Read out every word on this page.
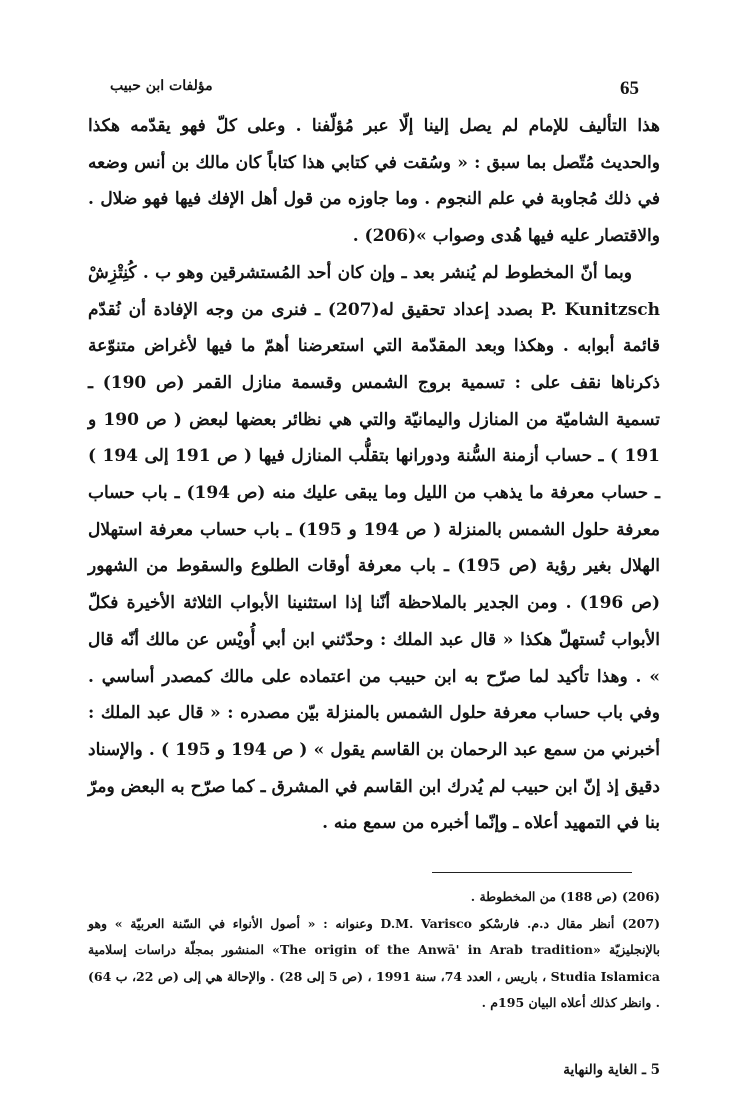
65
مؤلفات ابن حبيب

هذا التأليف للإمام لم يصل إلينا إلّا عبر مُؤلّفنا . وعلى كلّ فهو يقدّمه هكذا والحديث مُتّصل بما سبق : « وسُقت في كتابي هذا كتاباً كان مالك بن أنس وضعه في ذلك مُجاوبة في علم النجوم . وما جاوزه من قول أهل الإفك فيها فهو ضلال . والاقتصار عليه فيها هُدى وصواب »(206) .

وبما أنّ المخطوط لم يُنشر بعد ـ وإن كان أحد المُستشرقين وهو ب . كُنِتْزِشْ P. Kunitzsch بصدد إعداد تحقيق له(207) ـ فنرى من وجه الإفادة أن نُقدّم قائمة أبوابه . وهكذا وبعد المقدّمة التي استعرضنا أهمّ ما فيها لأغراض متنوّعة ذكرناها نقف على : تسمية بروج الشمس وقسمة منازل القمر (ص 190) ـ تسمية الشاميّة من المنازل واليمانيّة والتي هي نظائر بعضها لبعض ( ص 190 و 191 ) ـ حساب أزمنة السُّنة ودورانها بتقلُّب المنازل فيها ( ص 191 إلى 194 ) ـ حساب معرفة ما يذهب من الليل وما يبقى عليك منه (ص 194) ـ باب حساب معرفة حلول الشمس بالمنزلة ( ص 194 و 195) ـ باب حساب معرفة استهلال الهلال بغير رؤية (ص 195) ـ باب معرفة أوقات الطلوع والسقوط من الشهور (ص 196) . ومن الجدير بالملاحظة أنّنا إذا استثنينا الأبواب الثلاثة الأخيرة فكلّ الأبواب تُستهلّ هكذا « قال عبد الملك : وحدّثني ابن أبي أُويْس عن مالك أنّه قال » . وهذا تأكيد لما صرّح به ابن حبيب من اعتماده على مالك كمصدر أساسي . وفي باب حساب معرفة حلول الشمس بالمنزلة بيّن مصدره : « قال عبد الملك : أخبرني من سمع عبد الرحمان بن القاسم يقول » ( ص 194 و 195 ) . والإسناد دقيق إذ إنّ ابن حبيب لم يُدرك ابن القاسم في المشرق ـ كما صرّح به البعض ومرّ بنا في التمهيد أعلاه ـ وإنّما أخبره من سمع منه .

(206) (ص 188) من المخطوطة .

(207) أنظر مقال د.م. فارسْكو D.M. Varisco وعنوانه : « أصول الأنواء في السّنة العربيّة » وهو بالإنجليزيّة «The origin of the Anwā' in Arab tradition» المنشور بمجلّة دراسات إسلامية Studia Islamica ، باريس ، العدد 74، سنة 1991 ، (ص 5 إلى 28) . والإحالة هي إلى (ص 22، ب 64) . وانظر كذلك أعلاه البيان 195م .

5 ـ الغاية والنهاية
